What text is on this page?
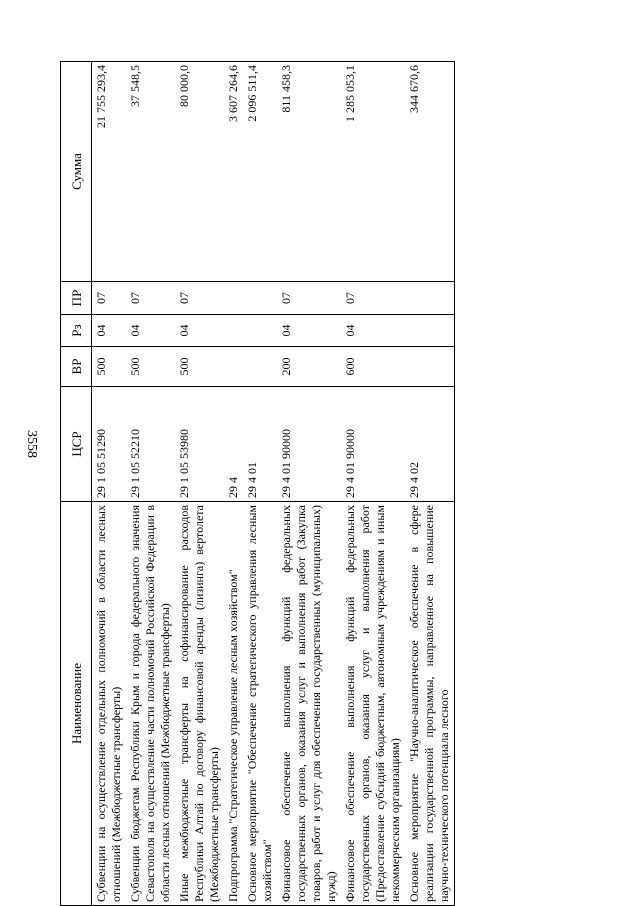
3558
Наименование	ЦСР	ВР	Рз	ПР	Сумма
Субвенции на осуществление отдельных полномочий в области лесных отношений (Межбюджетные трансферты)	29 1 05 51290	500	04	07	21 755 293,4
Субвенции бюджетам Республики Крым и города федерального значения Севастополя на осуществление части полномочий Российской Федерации в области лесных отношений (Межбюджетные трансферты)	29 1 05 52210	500	04	07	37 548,5
Иные межбюджетные трансферты на софинансирование расходов Республики Алтай по договору финансовой аренды (лизинга) вертолета (Межбюджетные трансферты)	29 1 05 53980	500	04	07	80 000,0
Подпрограмма "Стратегическое управление лесным хозяйством"	29 4				3 607 264,6
Основное мероприятие "Обеспечение стратегического управления лесным хозяйством"	29 4 01				2 096 511,4
Финансовое обеспечение выполнения функций федеральных государственных органов, оказания услуг и выполнения работ (Закупка товаров, работ и услуг для обеспечения государственных (муниципальных) нужд)	29 4 01 90000	200	04	07	811 458,3
Финансовое обеспечение выполнения функций федеральных государственных органов, оказания услуг и выполнения работ (Предоставление субсидий бюджетным, автономным учреждениям и иным некоммерческим организациям)	29 4 01 90000	600	04	07	1 285 053,1
Основное мероприятие "Научно-аналитическое обеспечение в сфере реализации государственной программы, направленное на повышение научно-технического потенциала лесного	29 4 02				344 670,6
